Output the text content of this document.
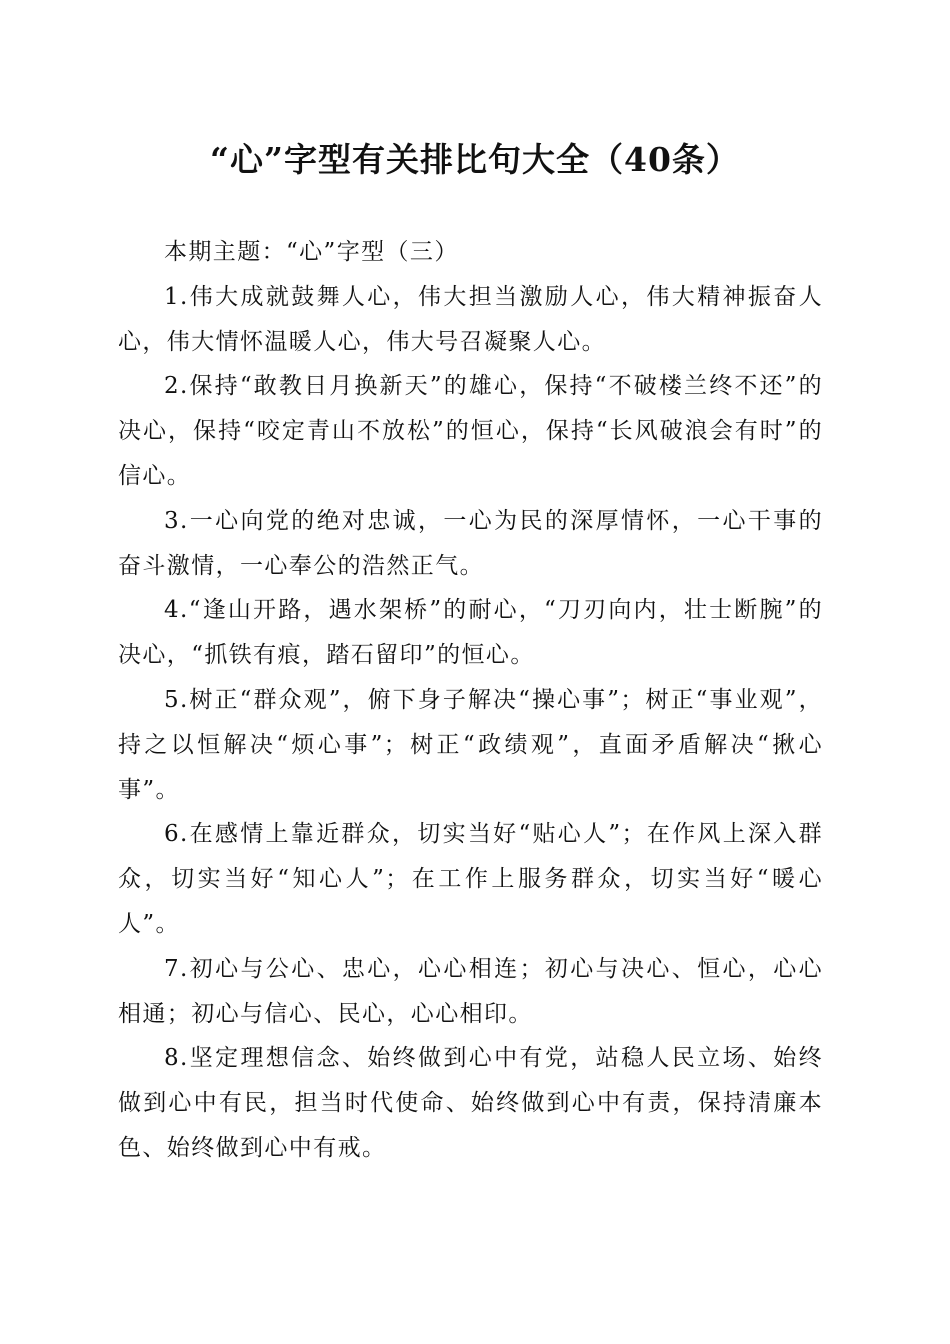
“心”字型有关排比句大全（40条）

本期主题：“心”字型（三）

1.伟大成就鼓舞人心，伟大担当激励人心，伟大精神振奋人心，伟大情怀温暖人心，伟大号召凝聚人心。

2.保持“敢教日月换新天”的雄心，保持“不破楼兰终不还”的决心，保持“咬定青山不放松”的恒心，保持“长风破浪会有时”的信心。

3.一心向党的绝对忠诚，一心为民的深厚情怀，一心干事的奋斗激情，一心奉公的浩然正气。

4.“逢山开路，遇水架桥”的耐心，“刀刃向内，壮士断腕”的决心，“抓铁有痕，踏石留印”的恒心。

5.树正“群众观”，俯下身子解决“操心事”；树正“事业观”，持之以恒解决“烦心事”；树正“政绩观”，直面矛盾解决“揪心事”。

6.在感情上靠近群众，切实当好“贴心人”；在作风上深入群众，切实当好“知心人”；在工作上服务群众，切实当好“暖心人”。

7.初心与公心、忠心，心心相连；初心与决心、恒心，心心相通；初心与信心、民心，心心相印。

8.坚定理想信念、始终做到心中有党，站稳人民立场、始终做到心中有民，担当时代使命、始终做到心中有责，保持清廉本色、始终做到心中有戒。
